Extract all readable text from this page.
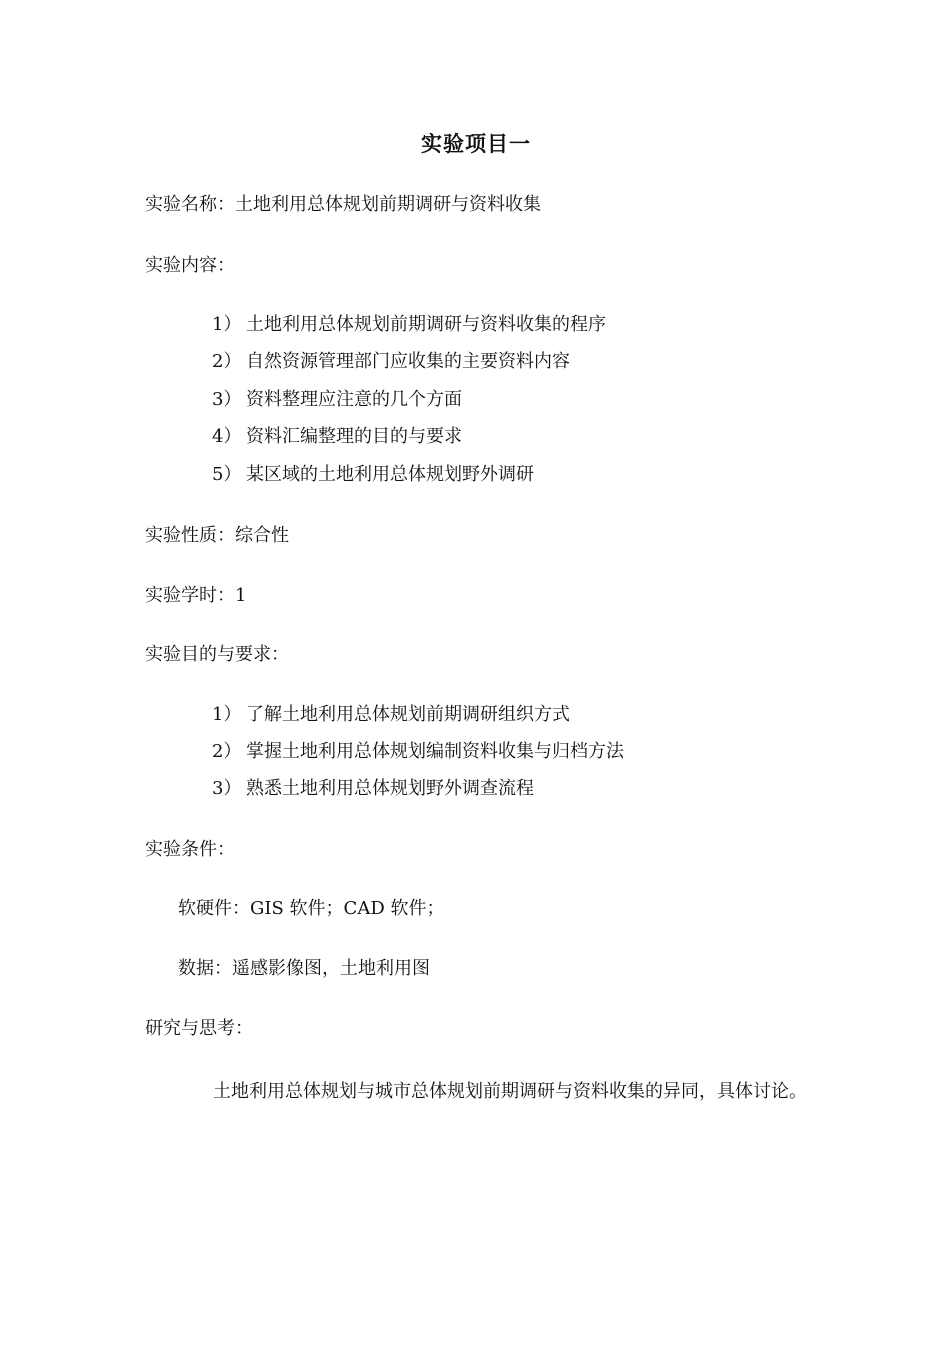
实验项目一
实验名称：土地利用总体规划前期调研与资料收集
实验内容：
1） 土地利用总体规划前期调研与资料收集的程序
2） 自然资源管理部门应收集的主要资料内容
3） 资料整理应注意的几个方面
4） 资料汇编整理的目的与要求
5） 某区域的土地利用总体规划野外调研
实验性质：综合性
实验学时：1
实验目的与要求：
1） 了解土地利用总体规划前期调研组织方式
2） 掌握土地利用总体规划编制资料收集与归档方法
3） 熟悉土地利用总体规划野外调查流程
实验条件：
软硬件：GIS 软件；CAD 软件；
数据：遥感影像图，土地利用图
研究与思考：
土地利用总体规划与城市总体规划前期调研与资料收集的异同，具体讨论。
